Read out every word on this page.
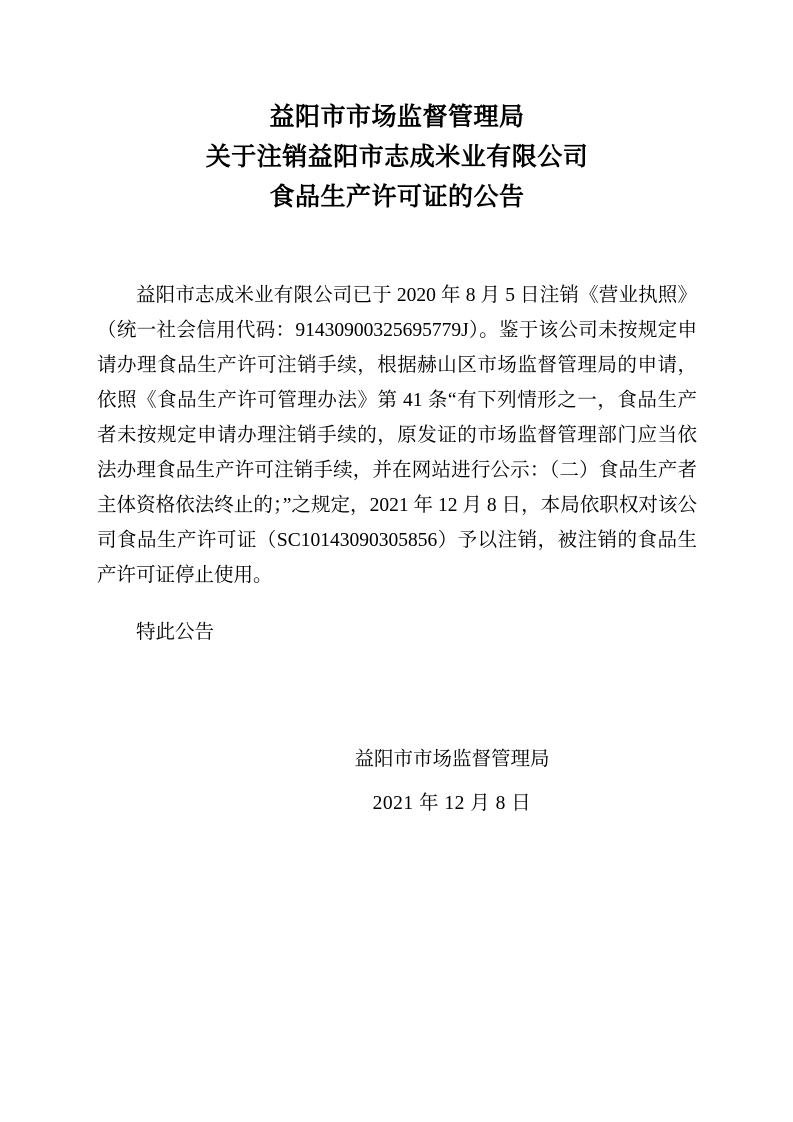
益阳市市场监督管理局
关于注销益阳市志成米业有限公司
食品生产许可证的公告
益阳市志成米业有限公司已于 2020 年 8 月 5 日注销《营业执照》（统一社会信用代码：91430900325695779J）。鉴于该公司未按规定申请办理食品生产许可注销手续，根据赫山区市场监督管理局的申请，依照《食品生产许可管理办法》第 41 条“有下列情形之一，食品生产者未按规定申请办理注销手续的，原发证的市场监督管理部门应当依法办理食品生产许可注销手续，并在网站进行公示：（二）食品生产者主体资格依法终止的；”之规定，2021 年 12 月 8 日，本局依职权对该公司食品生产许可证（SC10143090305856）予以注销，被注销的食品生产许可证停止使用。
特此公告
益阳市市场监督管理局
2021 年 12 月 8 日
